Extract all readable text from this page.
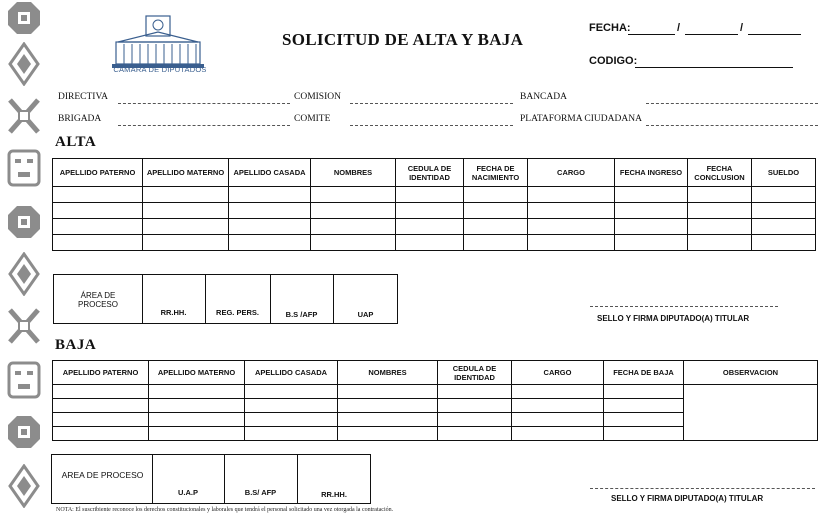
CÁMARA DE DIPUTADOS
SOLICITUD DE ALTA Y BAJA
FECHA:	/	/
CODIGO:
DIRECTIVA	COMISION	BANCADA
BRIGADA	COMITE	PLATAFORMA CIUDADANA
ALTA
APELLIDO PATERNO	APELLIDO MATERNO	APELLIDO CASADA	NOMBRES	CEDULA DE IDENTIDAD	FECHA DE NACIMIENTO	CARGO	FECHA INGRESO	FECHA CONCLUSION	SUELDO

ÁREA DE PROCESO
RR.HH.	REG. PERS.	B.S /AFP	UAP	SELLO Y FIRMA DIPUTADO(A) TITULAR
BAJA
APELLIDO PATERNO	APELLIDO MATERNO	APELLIDO CASADA	NOMBRES	CEDULA DE IDENTIDAD	CARGO	FECHA DE BAJA	OBSERVACION

AREA DE PROCESO
U.A.P	B.S/ AFP	RR.HH.	SELLO Y FIRMA DIPUTADO(A) TITULAR
NOTA: El suscribiente reconoce los derechos constitucionales y laborales que tendrá el personal solicitado una vez otorgada la contratación.
